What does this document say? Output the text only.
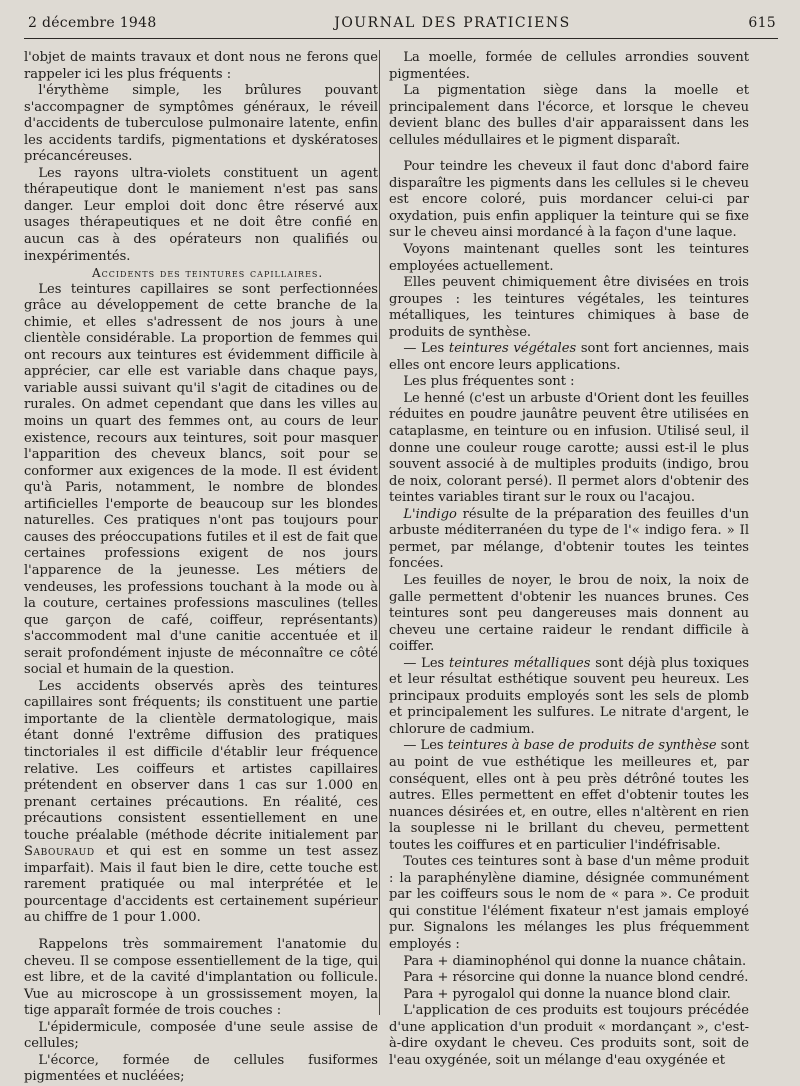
2 décembre 1948	JOURNAL DES PRATICIENS	615

l'objet de maints travaux et dont nous ne ferons que rappeler ici les plus fréquents :

l'érythème simple, les brûlures pouvant s'accompagner de symptômes généraux, le réveil d'accidents de tuberculose pulmonaire latente, enfin les accidents tardifs, pigmentations et dyskératoses précancéreuses.

Les rayons ultra-violets constituent un agent thérapeutique dont le maniement n'est pas sans danger. Leur emploi doit donc être réservé aux usages thérapeutiques et ne doit être confié en aucun cas à des opérateurs non qualifiés ou inexpérimentés.

Accidents des teintures capillaires.

Les teintures capillaires se sont perfectionnées grâce au développement de cette branche de la chimie, et elles s'adressent de nos jours à une clientèle considérable. La proportion de femmes qui ont recours aux teintures est évidemment difficile à apprécier, car elle est variable dans chaque pays, variable aussi suivant qu'il s'agit de citadines ou de rurales. On admet cependant que dans les villes au moins un quart des femmes ont, au cours de leur existence, recours aux teintures, soit pour masquer l'apparition des cheveux blancs, soit pour se conformer aux exigences de la mode. Il est évident qu'à Paris, notamment, le nombre de blondes artificielles l'emporte de beaucoup sur les blondes naturelles. Ces pratiques n'ont pas toujours pour causes des préoccupations futiles et il est de fait que certaines professions exigent de nos jours l'apparence de la jeunesse. Les métiers de vendeuses, les professions touchant à la mode ou à la couture, certaines professions masculines (telles que garçon de café, coiffeur, représentants) s'accommodent mal d'une canitie accentuée et il serait profondément injuste de méconnaître ce côté social et humain de la question.

Les accidents observés après des teintures capillaires sont fréquents; ils constituent une partie importante de la clientèle dermatologique, mais étant donné l'extrême diffusion des pratiques tinctoriales il est difficile d'établir leur fréquence relative. Les coiffeurs et artistes capillaires prétendent en observer dans 1 cas sur 1.000 en prenant certaines précautions. En réalité, ces précautions consistent essentiellement en une touche préalable (méthode décrite initialement par Sabouraud et qui est en somme un test assez imparfait). Mais il faut bien le dire, cette touche est rarement pratiquée ou mal interprétée et le pourcentage d'accidents est certainement supérieur au chiffre de 1 pour 1.000.

Rappelons très sommairement l'anatomie du cheveu. Il se compose essentiellement de la tige, qui est libre, et de la cavité d'implantation ou follicule. Vue au microscope à un grossissement moyen, la tige apparaît formée de trois couches :

L'épidermicule, composée d'une seule assise de cellules;

L'écorce, formée de cellules fusiformes pigmentées et nucléées;

La moelle, formée de cellules arrondies souvent pigmentées.

La pigmentation siège dans la moelle et principalement dans l'écorce, et lorsque le cheveu devient blanc des bulles d'air apparaissent dans les cellules médullaires et le pigment disparaît.

Pour teindre les cheveux il faut donc d'abord faire disparaître les pigments dans les cellules si le cheveu est encore coloré, puis mordancer celui-ci par oxydation, puis enfin appliquer la teinture qui se fixe sur le cheveu ainsi mordancé à la façon d'une laque.

Voyons maintenant quelles sont les teintures employées actuellement.

Elles peuvent chimiquement être divisées en trois groupes : les teintures végétales, les teintures métalliques, les teintures chimiques à base de produits de synthèse.

— Les teintures végétales sont fort anciennes, mais elles ont encore leurs applications.

Les plus fréquentes sont :

Le henné (c'est un arbuste d'Orient dont les feuilles réduites en poudre jaunâtre peuvent être utilisées en cataplasme, en teinture ou en infusion. Utilisé seul, il donne une couleur rouge carotte; aussi est-il le plus souvent associé à de multiples produits (indigo, brou de noix, colorant persé). Il permet alors d'obtenir des teintes variables tirant sur le roux ou l'acajou.

L'indigo résulte de la préparation des feuilles d'un arbuste méditerranéen du type de l'« indigo fera. » Il permet, par mélange, d'obtenir toutes les teintes foncées.

Les feuilles de noyer, le brou de noix, la noix de galle permettent d'obtenir les nuances brunes. Ces teintures sont peu dangereuses mais donnent au cheveu une certaine raideur le rendant difficile à coiffer.

— Les teintures métalliques sont déjà plus toxiques et leur résultat esthétique souvent peu heureux. Les principaux produits employés sont les sels de plomb et principalement les sulfures. Le nitrate d'argent, le chlorure de cadmium.

— Les teintures à base de produits de synthèse sont au point de vue esthétique les meilleures et, par conséquent, elles ont à peu près détrôné toutes les autres. Elles permettent en effet d'obtenir toutes les nuances désirées et, en outre, elles n'altèrent en rien la souplesse ni le brillant du cheveu, permettent toutes les coiffures et en particulier l'indéfrisable.

Toutes ces teintures sont à base d'un même produit : la paraphénylène diamine, désignée communément par les coiffeurs sous le nom de « para ». Ce produit qui constitue l'élément fixateur n'est jamais employé pur. Signalons les mélanges les plus fréquemment employés :

Para + diaminophénol qui donne la nuance châtain.

Para + résorcine qui donne la nuance blond cendré.

Para + pyrogalol qui donne la nuance blond clair.

L'application de ces produits est toujours précédée d'une application d'un produit « mordançant », c'est-à-dire oxydant le cheveu. Ces produits sont, soit de l'eau oxygénée, soit un mélange d'eau oxygénée et
